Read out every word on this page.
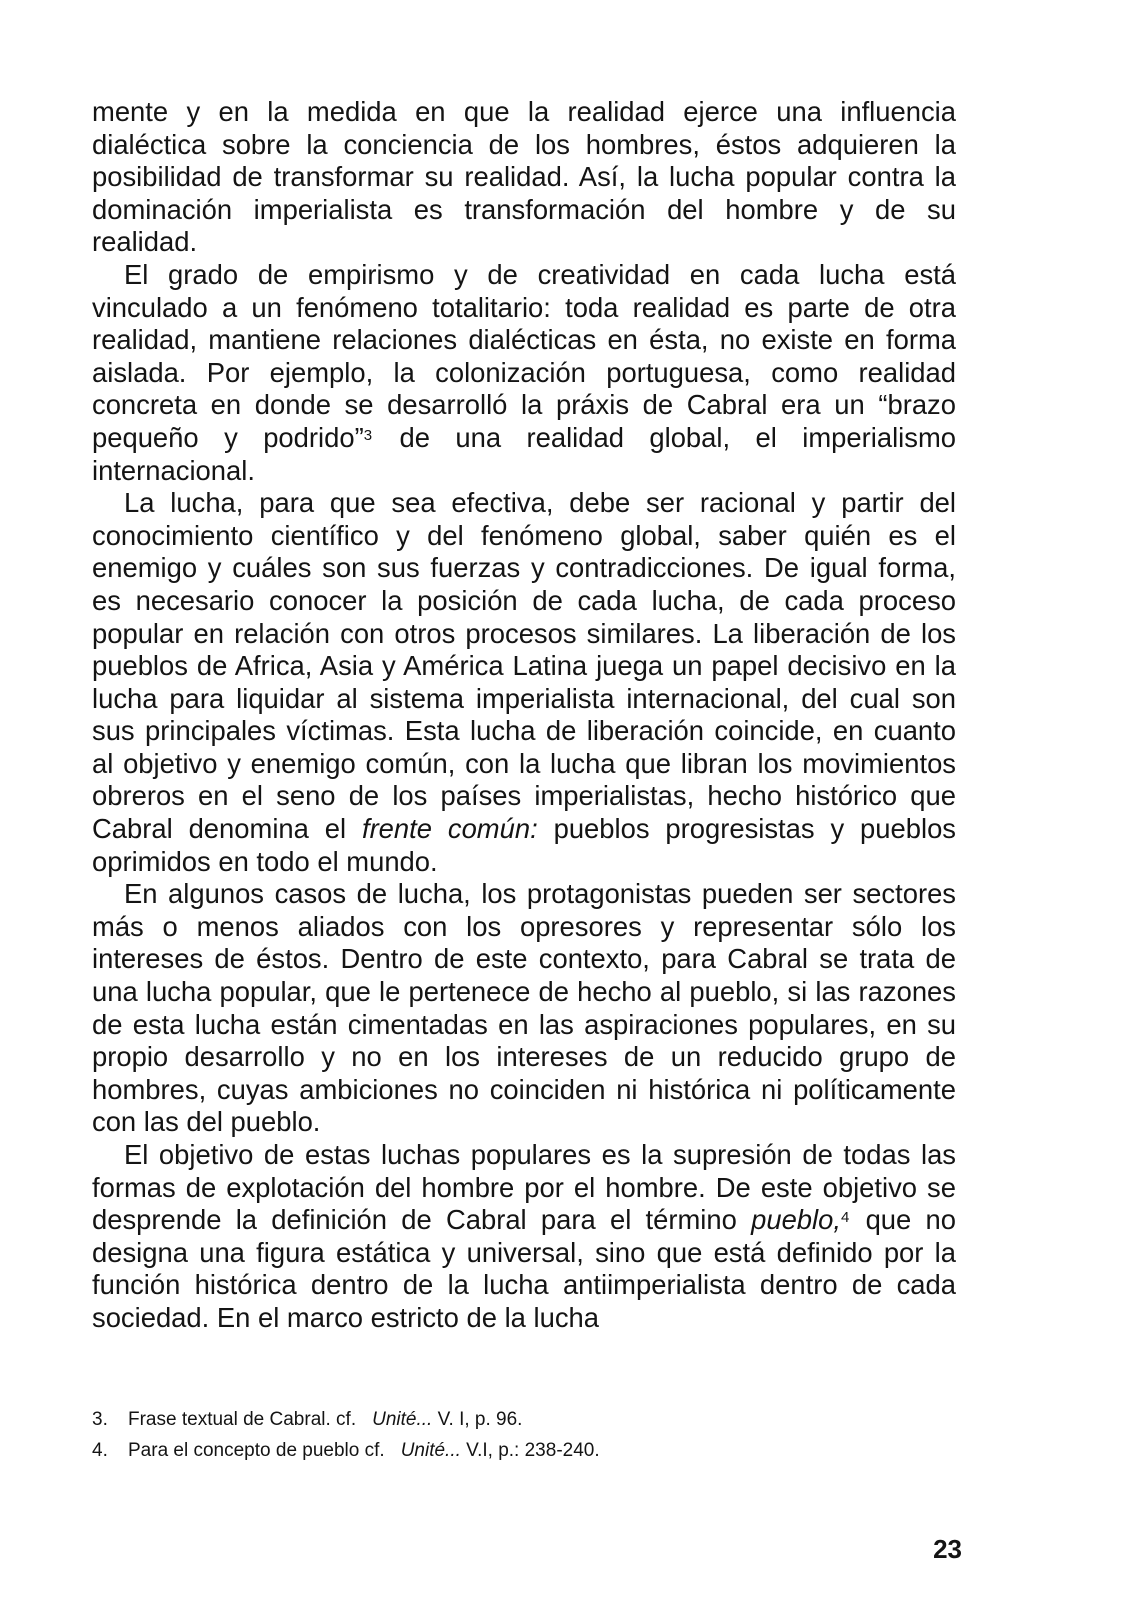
mente y en la medida en que la realidad ejerce una influencia dialéctica sobre la conciencia de los hombres, éstos adquieren la posibilidad de transformar su realidad. Así, la lucha popular contra la dominación imperialista es transformación del hombre y de su realidad.

El grado de empirismo y de creatividad en cada lucha está vinculado a un fenómeno totalitario: toda realidad es parte de otra realidad, mantiene relaciones dialécticas en ésta, no existe en forma aislada. Por ejemplo, la colonización portuguesa, como realidad concreta en donde se desarrolló la práxis de Cabral era un “brazo pequeño y podrido”$^3$ de una realidad global, el imperialismo internacional.

La lucha, para que sea efectiva, debe ser racional y partir del conocimiento científico y del fenómeno global, saber quién es el enemigo y cuáles son sus fuerzas y contradicciones. De igual forma, es necesario conocer la posición de cada lucha, de cada proceso popular en relación con otros procesos similares. La liberación de los pueblos de Africa, Asia y América Latina juega un papel decisivo en la lucha para liquidar al sistema imperialista internacional, del cual son sus principales víctimas. Esta lucha de liberación coincide, en cuanto al objetivo y enemigo común, con la lucha que libran los movimientos obreros en el seno de los países imperialistas, hecho histórico que Cabral denomina el frente común: pueblos progresistas y pueblos oprimidos en todo el mundo.

En algunos casos de lucha, los protagonistas pueden ser sectores más o menos aliados con los opresores y representar sólo los intereses de éstos. Dentro de este contexto, para Cabral se trata de una lucha popular, que le pertenece de hecho al pueblo, si las razones de esta lucha están cimentadas en las aspiraciones populares, en su propio desarrollo y no en los intereses de un reducido grupo de hombres, cuyas ambiciones no coinciden ni histórica ni políticamente con las del pueblo.

El objetivo de estas luchas populares es la supresión de todas las formas de explotación del hombre por el hombre. De este objetivo se desprende la definición de Cabral para el término pueblo,$^4$ que no designa una figura estática y universal, sino que está definido por la función histórica dentro de la lucha antiimperialista dentro de cada sociedad. En el marco estricto de la lucha

3. Frase textual de Cabral. cf. Unité... V. I, p. 96.
4. Para el concepto de pueblo cf. Unité... V.I, p.: 238-240.
23
